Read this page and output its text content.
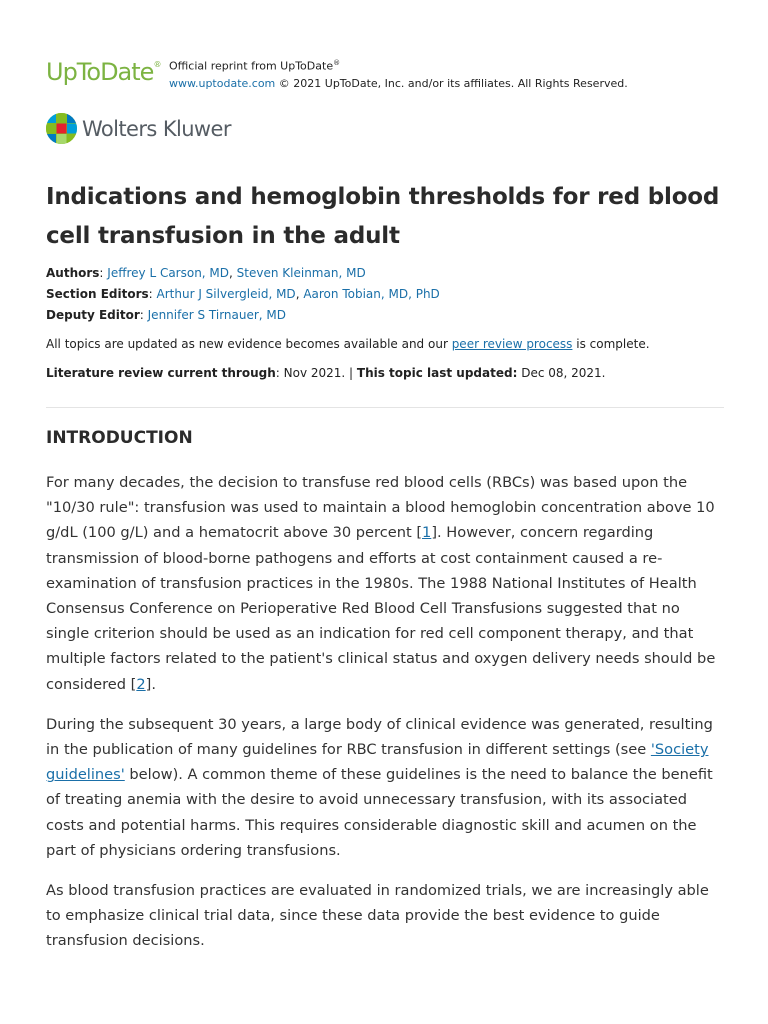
UpToDate® Official reprint from UpToDate®
www.uptodate.com © 2021 UpToDate, Inc. and/or its affiliates. All Rights Reserved.
Wolters Kluwer
Indications and hemoglobin thresholds for red blood cell transfusion in the adult
Authors: Jeffrey L Carson, MD, Steven Kleinman, MD
Section Editors: Arthur J Silvergleid, MD, Aaron Tobian, MD, PhD
Deputy Editor: Jennifer S Tirnauer, MD
All topics are updated as new evidence becomes available and our peer review process is complete.
Literature review current through: Nov 2021. | This topic last updated: Dec 08, 2021.
INTRODUCTION

For many decades, the decision to transfuse red blood cells (RBCs) was based upon the "10/30 rule": transfusion was used to maintain a blood hemoglobin concentration above 10 g/dL (100 g/L) and a hematocrit above 30 percent [1]. However, concern regarding transmission of blood-borne pathogens and efforts at cost containment caused a re-examination of transfusion practices in the 1980s. The 1988 National Institutes of Health Consensus Conference on Perioperative Red Blood Cell Transfusions suggested that no single criterion should be used as an indication for red cell component therapy, and that multiple factors related to the patient's clinical status and oxygen delivery needs should be considered [2].

During the subsequent 30 years, a large body of clinical evidence was generated, resulting in the publication of many guidelines for RBC transfusion in different settings (see 'Society guidelines' below). A common theme of these guidelines is the need to balance the benefit of treating anemia with the desire to avoid unnecessary transfusion, with its associated costs and potential harms. This requires considerable diagnostic skill and acumen on the part of physicians ordering transfusions.

As blood transfusion practices are evaluated in randomized trials, we are increasingly able to emphasize clinical trial data, since these data provide the best evidence to guide transfusion decisions.
